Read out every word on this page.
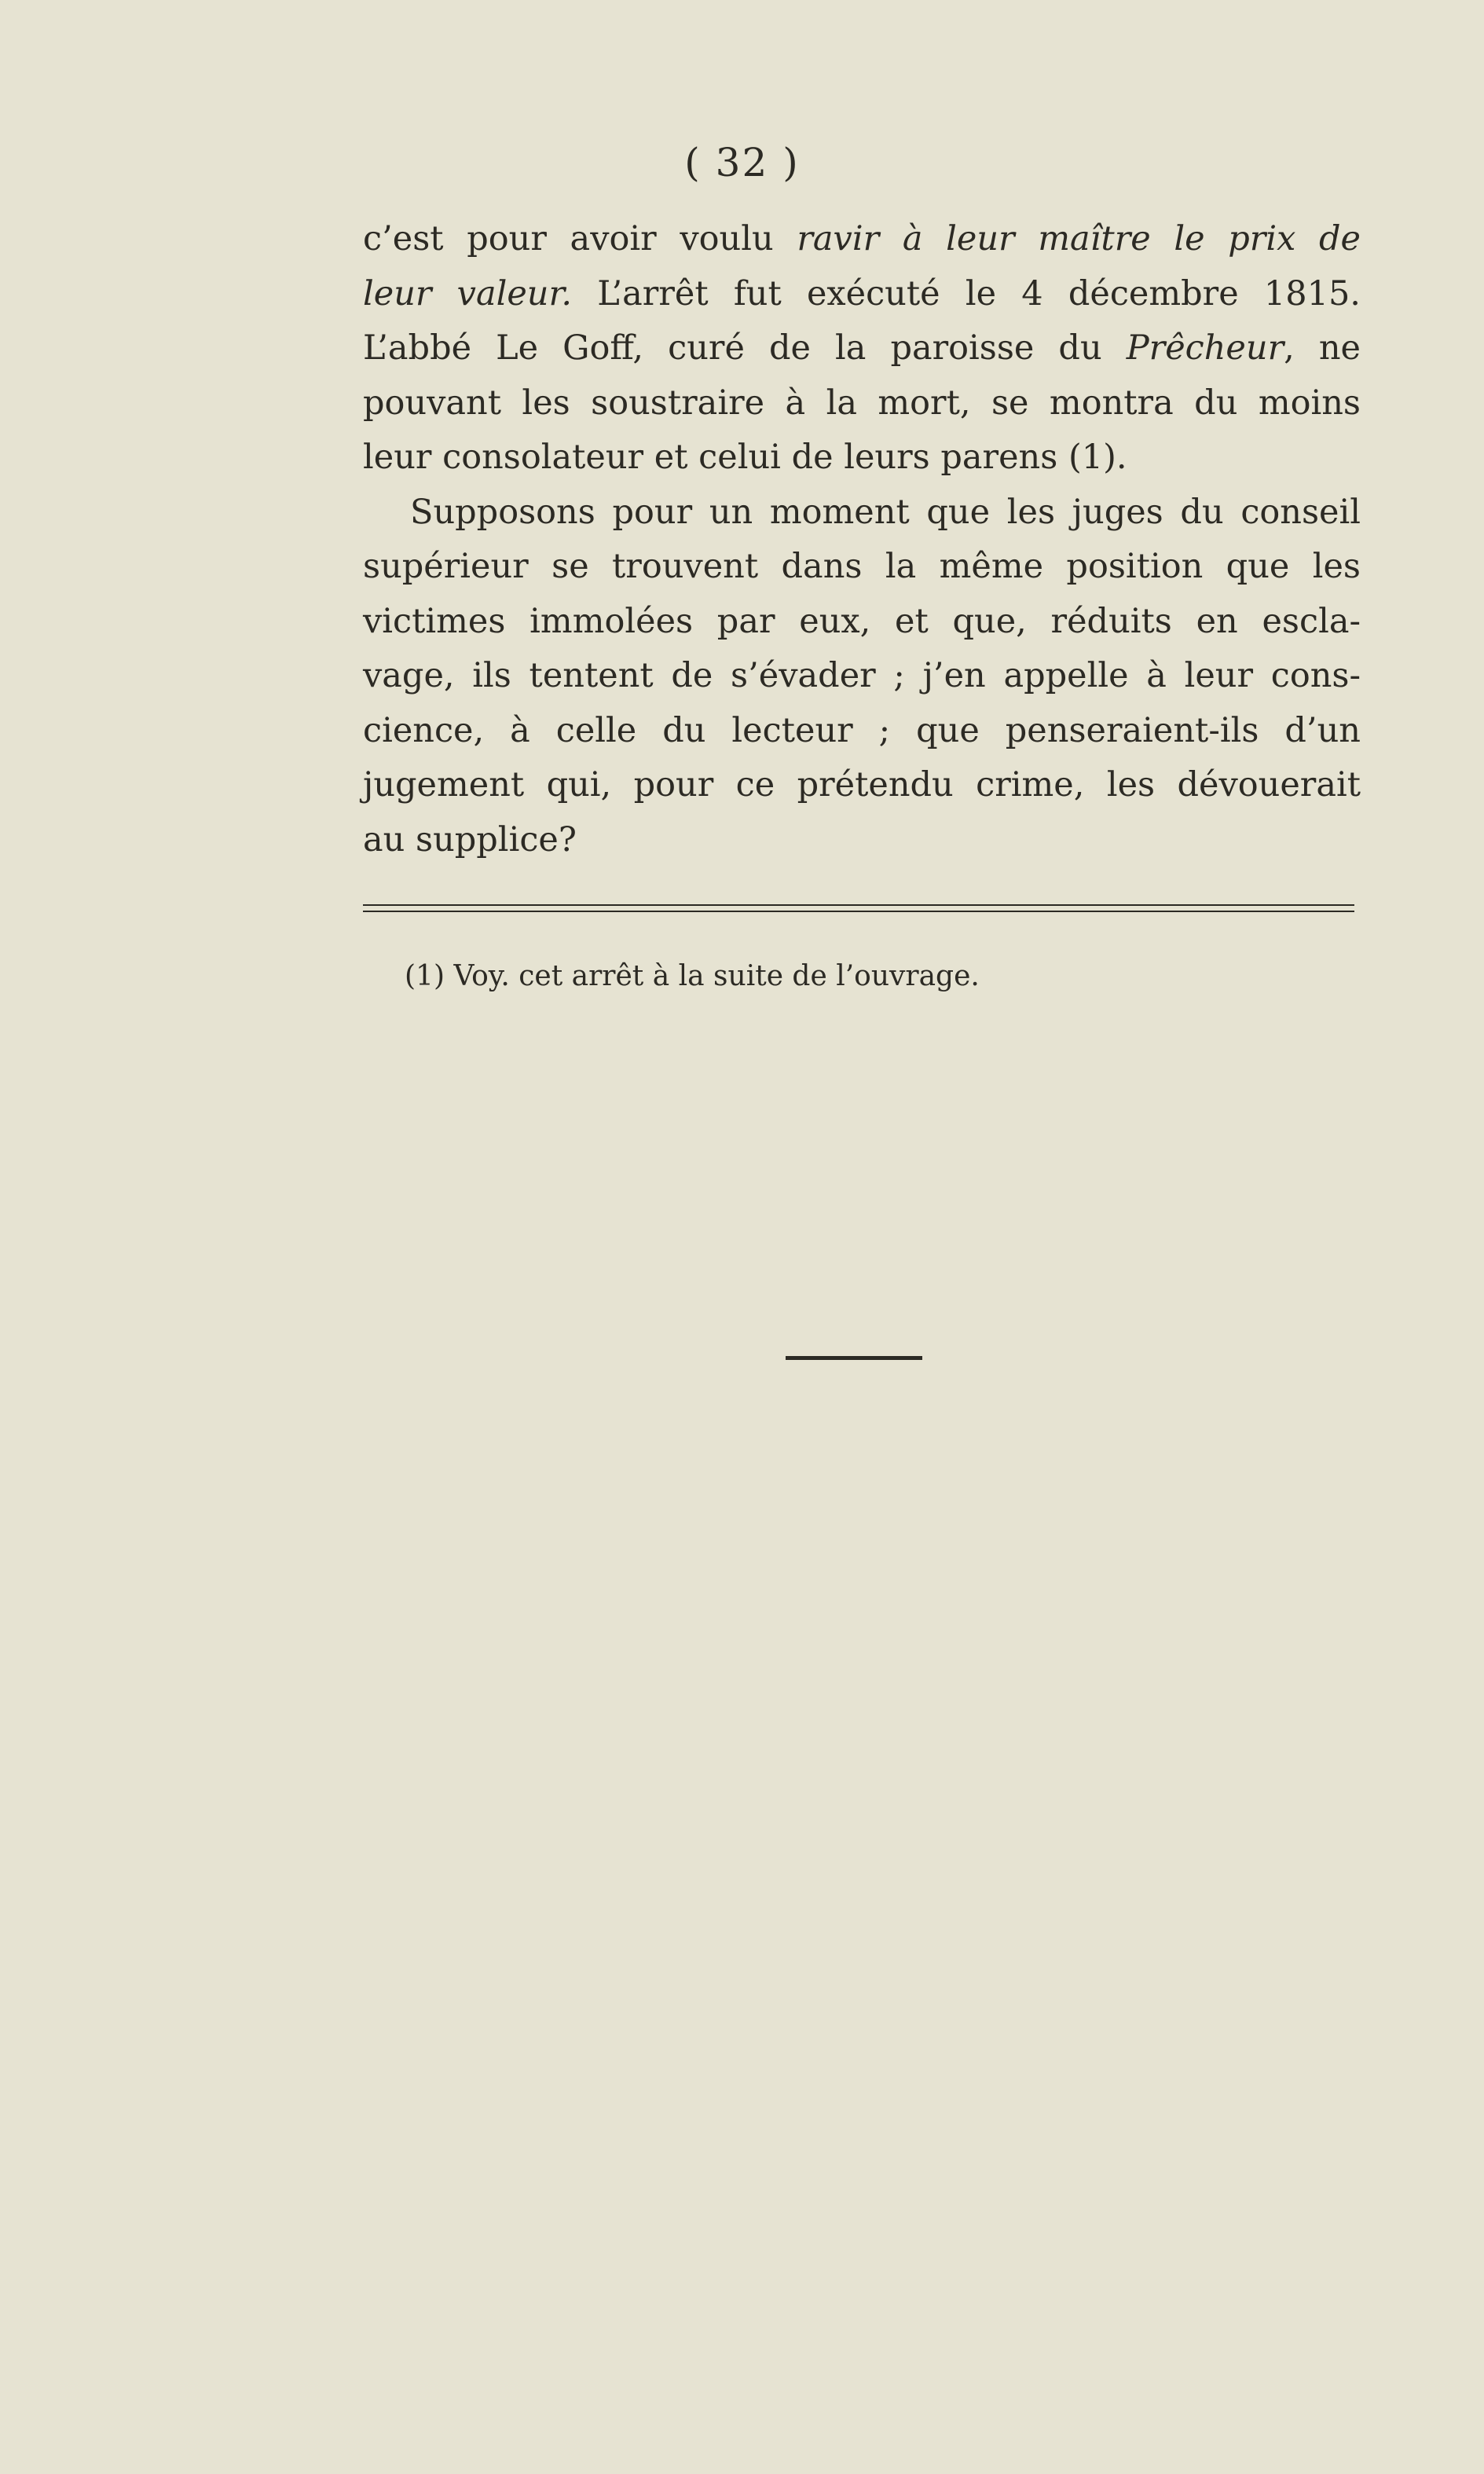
( 32 )
c’est pour avoir voulu ravir à leur maître le prix de
leur valeur. L’arrêt fut exécuté le 4 décembre 1815.
L’abbé Le Goff, curé de la paroisse du Prêcheur, ne
pouvant les soustraire à la mort, se montra du moins
leur consolateur et celui de leurs parens (1).
Supposons pour un moment que les juges du conseil
supérieur se trouvent dans la même position que les
victimes immolées par eux, et que, réduits en escla-
vage, ils tentent de s’évader ; j’en appelle à leur cons-
cience, à celle du lecteur ; que penseraient-ils d’un
jugement qui, pour ce prétendu crime, les dévouerait
au supplice?
(1) Voy. cet arrêt à la suite de l’ouvrage.
